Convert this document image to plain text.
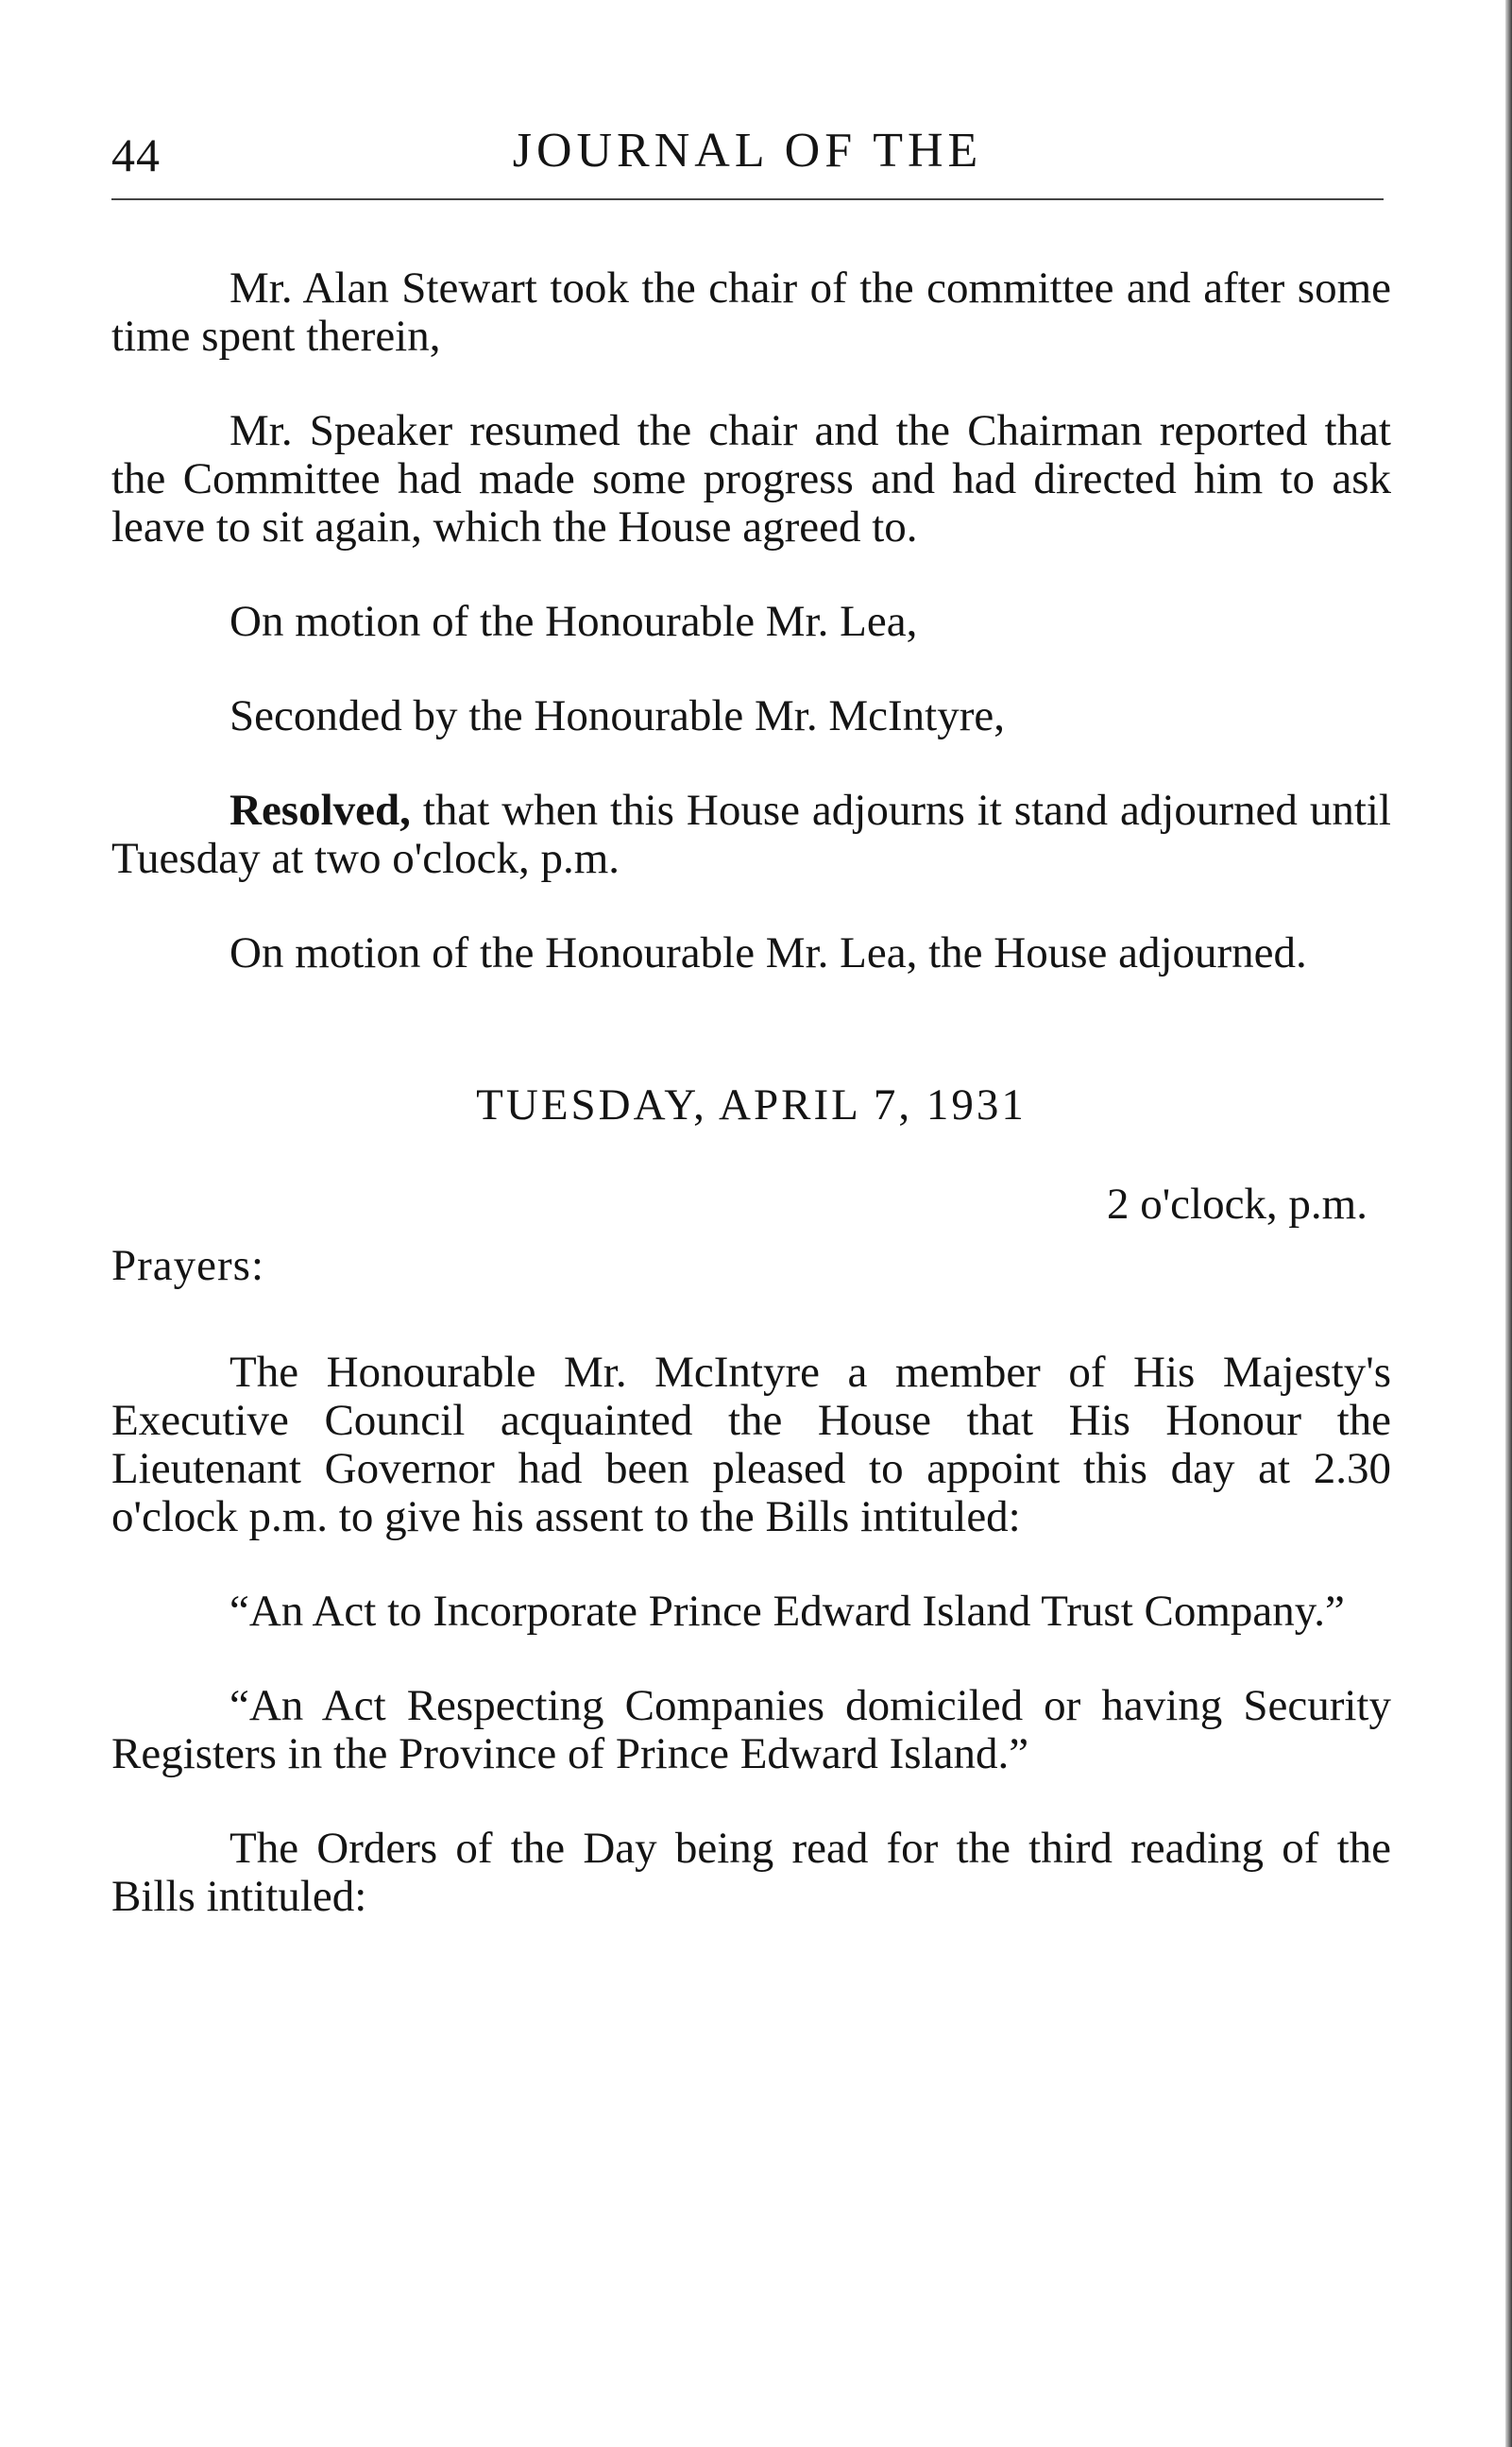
44	JOURNAL OF THE

Mr. Alan Stewart took the chair of the committee and after some time spent therein,

Mr. Speaker resumed the chair and the Chairman reported that the Committee had made some progress and had directed him to ask leave to sit again, which the House agreed to.

On motion of the Honourable Mr. Lea,

Seconded by the Honourable Mr. McIntyre,

Resolved, that when this House adjourns it stand adjourned until Tuesday at two o'clock, p.m.

On motion of the Honourable Mr. Lea, the House adjourned.

TUESDAY, APRIL 7, 1931

2 o'clock, p.m.

Prayers:

The Honourable Mr. McIntyre a member of His Majesty's Executive Council acquainted the House that His Honour the Lieutenant Governor had been pleased to appoint this day at 2.30 o'clock p.m. to give his assent to the Bills intituled:

“An Act to Incorporate Prince Edward Island Trust Company.”

“An Act Respecting Companies domiciled or having Security Registers in the Province of Prince Edward Island.”

The Orders of the Day being read for the third reading of the Bills intituled:
